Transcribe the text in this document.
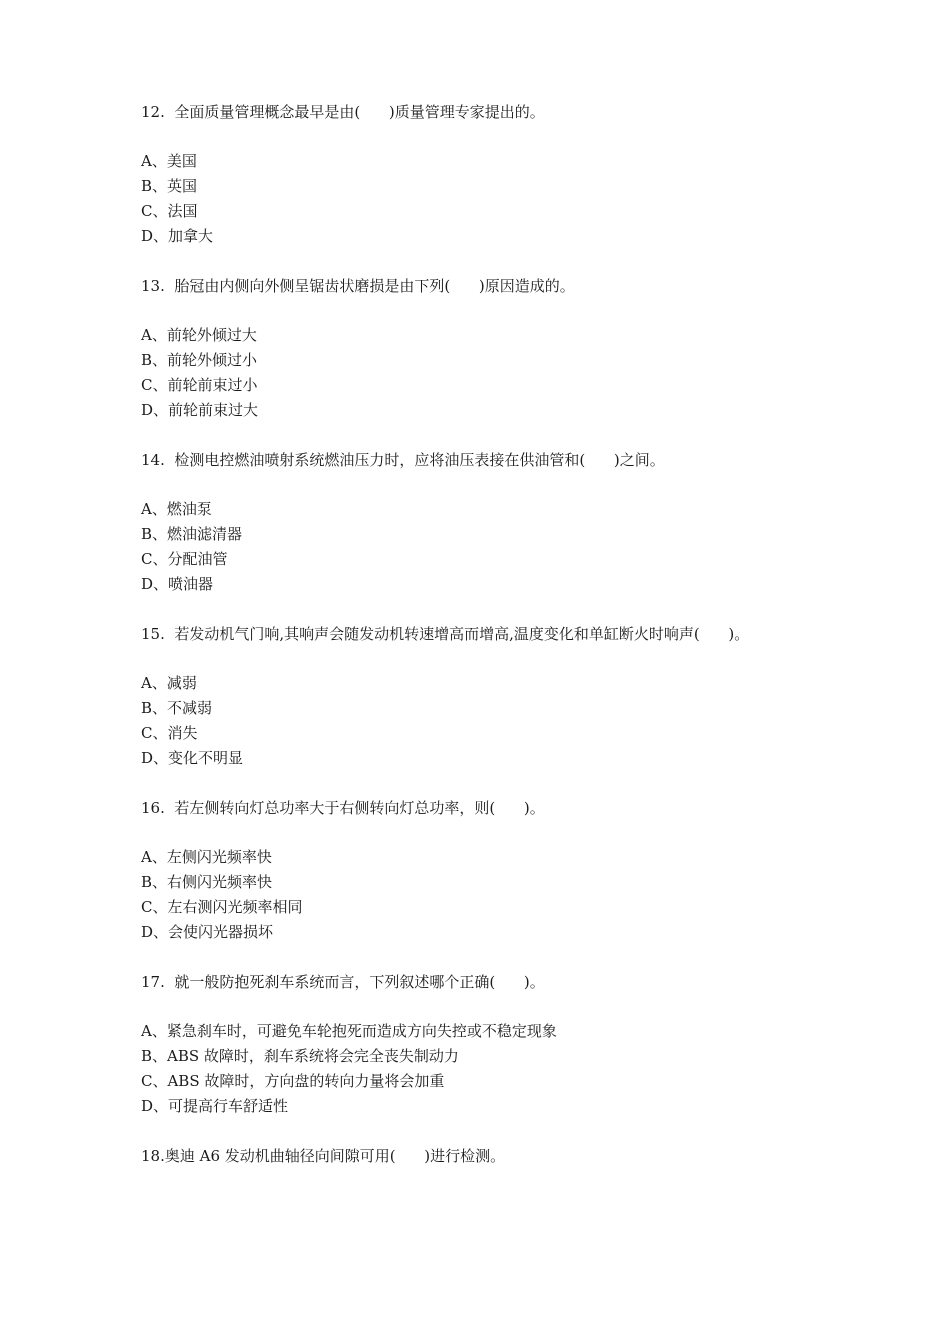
12.  全面质量管理概念最早是由(      )质量管理专家提出的。

A、美国

B、英国

C、法国

D、加拿大

13.  胎冠由内侧向外侧呈锯齿状磨损是由下列(      )原因造成的。

A、前轮外倾过大

B、前轮外倾过小

C、前轮前束过小

D、前轮前束过大

14.  检测电控燃油喷射系统燃油压力时，应将油压表接在供油管和(      )之间。

A、燃油泵

B、燃油滤清器

C、分配油管

D、喷油器

15.  若发动机气门响,其响声会随发动机转速增高而增高,温度变化和单缸断火时响声(      )。

A、减弱

B、不减弱

C、消失

D、变化不明显

16.  若左侧转向灯总功率大于右侧转向灯总功率，则(      )。

A、左侧闪光频率快

B、右侧闪光频率快

C、左右测闪光频率相同

D、会使闪光器损坏

17.  就一般防抱死刹车系统而言，下列叙述哪个正确(      )。

A、紧急刹车时，可避免车轮抱死而造成方向失控或不稳定现象

B、ABS 故障时，刹车系统将会完全丧失制动力

C、ABS 故障时，方向盘的转向力量将会加重

D、可提高行车舒适性

18.奥迪 A6 发动机曲轴径向间隙可用(      )进行检测。
